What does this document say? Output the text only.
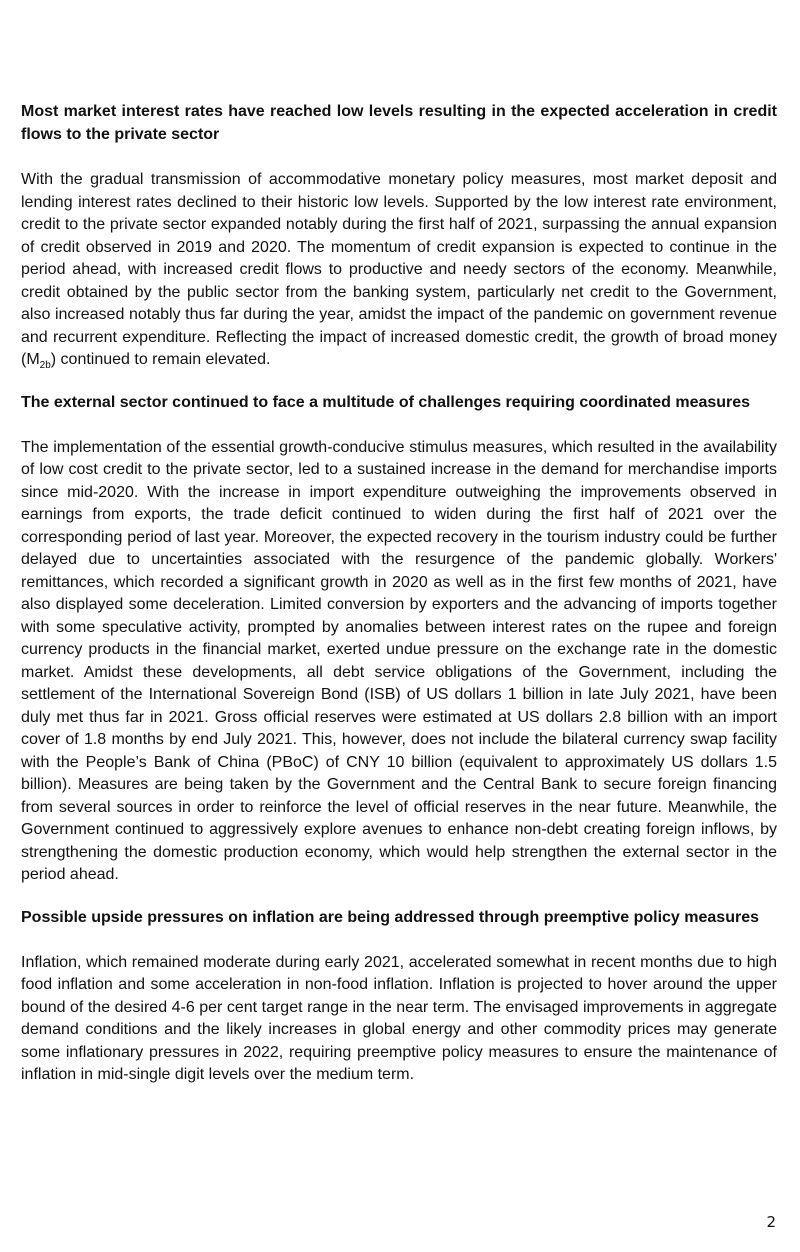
Most market interest rates have reached low levels resulting in the expected acceleration in credit flows to the private sector

With the gradual transmission of accommodative monetary policy measures, most market deposit and lending interest rates declined to their historic low levels. Supported by the low interest rate environment, credit to the private sector expanded notably during the first half of 2021, surpassing the annual expansion of credit observed in 2019 and 2020. The momentum of credit expansion is expected to continue in the period ahead, with increased credit flows to productive and needy sectors of the economy. Meanwhile, credit obtained by the public sector from the banking system, particularly net credit to the Government, also increased notably thus far during the year, amidst the impact of the pandemic on government revenue and recurrent expenditure. Reflecting the impact of increased domestic credit, the growth of broad money $(M_{2b})$ continued to remain elevated.

The external sector continued to face a multitude of challenges requiring coordinated measures

The implementation of the essential growth-conducive stimulus measures, which resulted in the availability of low cost credit to the private sector, led to a sustained increase in the demand for merchandise imports since mid-2020. With the increase in import expenditure outweighing the improvements observed in earnings from exports, the trade deficit continued to widen during the first half of 2021 over the corresponding period of last year. Moreover, the expected recovery in the tourism industry could be further delayed due to uncertainties associated with the resurgence of the pandemic globally. Workers' remittances, which recorded a significant growth in 2020 as well as in the first few months of 2021, have also displayed some deceleration. Limited conversion by exporters and the advancing of imports together with some speculative activity, prompted by anomalies between interest rates on the rupee and foreign currency products in the financial market, exerted undue pressure on the exchange rate in the domestic market. Amidst these developments, all debt service obligations of the Government, including the settlement of the International Sovereign Bond (ISB) of US dollars 1 billion in late July 2021, have been duly met thus far in 2021. Gross official reserves were estimated at US dollars 2.8 billion with an import cover of 1.8 months by end July 2021. This, however, does not include the bilateral currency swap facility with the People’s Bank of China (PBoC) of CNY 10 billion (equivalent to approximately US dollars 1.5 billion). Measures are being taken by the Government and the Central Bank to secure foreign financing from several sources in order to reinforce the level of official reserves in the near future. Meanwhile, the Government continued to aggressively explore avenues to enhance non-debt creating foreign inflows, by strengthening the domestic production economy, which would help strengthen the external sector in the period ahead.

Possible upside pressures on inflation are being addressed through preemptive policy measures

Inflation, which remained moderate during early 2021, accelerated somewhat in recent months due to high food inflation and some acceleration in non-food inflation. Inflation is projected to hover around the upper bound of the desired 4-6 per cent target range in the near term. The envisaged improvements in aggregate demand conditions and the likely increases in global energy and other commodity prices may generate some inflationary pressures in 2022, requiring preemptive policy measures to ensure the maintenance of inflation in mid-single digit levels over the medium term.

2
